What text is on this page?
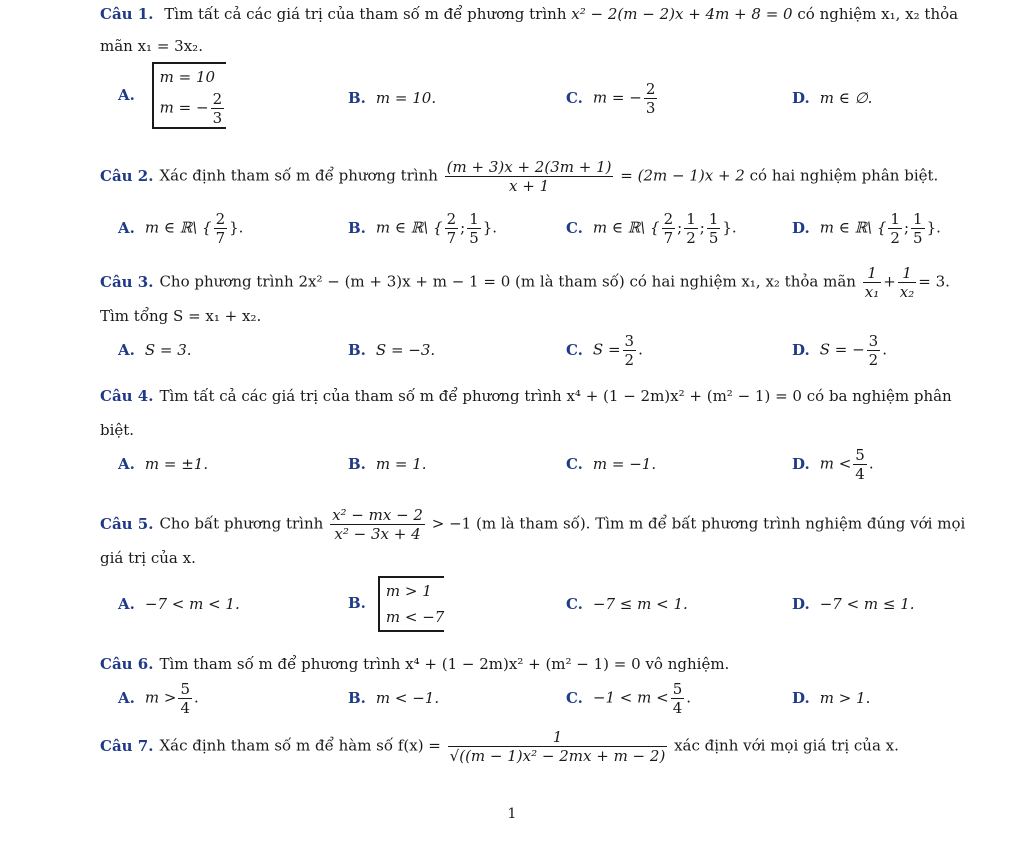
Câu 1. Tìm tất cả các giá trị của tham số m để phương trình x² − 2(m − 2)x + 4m + 8 = 0 có nghiệm x₁, x₂ thỏa
mãn x₁ = 3x₂.
A.
m = 10
m = − $\frac{2}{3}$	B. m = 10.	C. m = − $\frac{2}{3}$	D. m ∈ ∅.
Câu 2. Xác định tham số m để phương trình $\frac{(m + 3)x + 2(3m + 1)}{x + 1} = (2m - 1)x + 2$ có hai nghiệm phân biệt.
A. m ∈ ℝ\ { $\frac{2}{7}$ }.	B. m ∈ ℝ\ { $\frac{2}{7}$ ; $\frac{1}{5}$ }.	C. m ∈ ℝ\ { $\frac{2}{7}$ ; $\frac{1}{2}$ ; $\frac{1}{5}$ }.	D. m ∈ ℝ\ { $\frac{1}{2}$ ; $\frac{1}{5}$ }.
Câu 3. Cho phương trình 2x² − (m + 3)x + m − 1 = 0 (m là tham số) có hai nghiệm x₁, x₂ thỏa mãn $\frac{1}{\text{x₁}} + \frac{1}{\text{x₂}} = 3$.
Tìm tổng S = x₁ + x₂.
A. S = 3.	B. S = −3.	C. $S = \frac{3}{2}$ .	D. S = − $\frac{3}{2}$ .
Câu 4. Tìm tất cả các giá trị của tham số m để phương trình x⁴ + (1 − 2m)x² + (m² − 1) = 0 có ba nghiệm phân
biệt.
A. m = ±1.	B. m = 1.	C. m = −1.	D. $m < \frac{5}{4}$ .
Câu 5. Cho bất phương trình $\frac{\text{x² − mx − 2}}{\text{x² − 3x + 4}} > -1$ (m là tham số). Tìm m để bất phương trình nghiệm đúng với mọi
giá trị của x.
A. −7 < m < 1.	B.
m > 1
m < −7
C. −7 ≤ m < 1.	D. −7 < m ≤ 1.
Câu 6. Tìm tham số m để phương trình x⁴ + (1 − 2m)x² + (m² − 1) = 0 vô nghiệm.
A. $m > \frac{5}{4}$ .	B. m < −1.	C. $-1 < m < \frac{5}{4}$ .	D. m > 1.
Câu 7. Xác định tham số m để hàm số $f(x) = \frac{1}{\text{√((m − 1)x² − 2mx + m − 2)}}$ xác định với mọi giá trị của x.
1
